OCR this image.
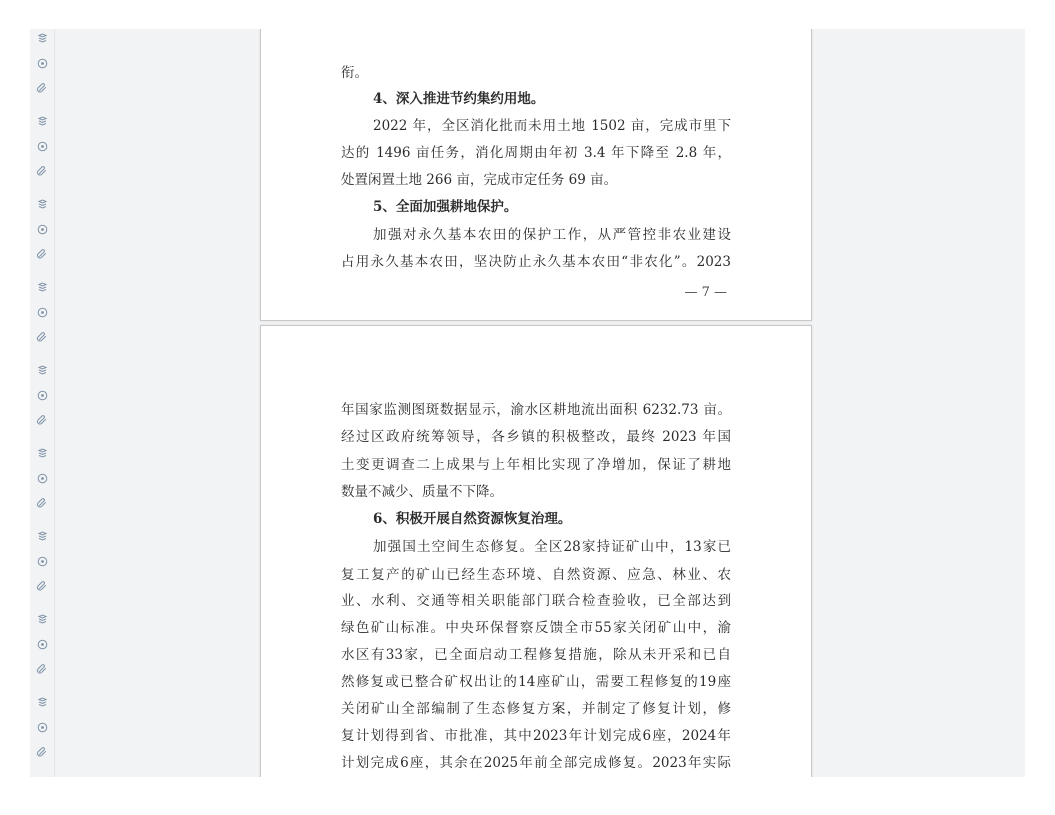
衔。
4、深入推进节约集约用地。
2022 年，全区消化批而未用土地 1502 亩，完成市里下
达的 1496 亩任务，消化周期由年初 3.4 年下降至 2.8 年，
处置闲置土地 266 亩，完成市定任务 69 亩。
5、全面加强耕地保护。
加强对永久基本农田的保护工作，从严管控非农业建设
占用永久基本农田，坚决防止永久基本农田“非农化”。2023
— 7 —
年国家监测图斑数据显示，渝水区耕地流出面积 6232.73 亩。
经过区政府统筹领导，各乡镇的积极整改，最终 2023 年国
土变更调查二上成果与上年相比实现了净增加，保证了耕地
数量不减少、质量不下降。
6、积极开展自然资源恢复治理。
加强国土空间生态修复。全区28家持证矿山中，13家已
复工复产的矿山已经生态环境、自然资源、应急、林业、农
业、水利、交通等相关职能部门联合检查验收，已全部达到
绿色矿山标准。中央环保督察反馈全市55家关闭矿山中，渝
水区有33家，已全面启动工程修复措施，除从未开采和已自
然修复或已整合矿权出让的14座矿山，需要工程修复的19座
关闭矿山全部编制了生态修复方案，并制定了修复计划，修
复计划得到省、市批准，其中2023年计划完成6座，2024年
计划完成6座，其余在2025年前全部完成修复。2023年实际
